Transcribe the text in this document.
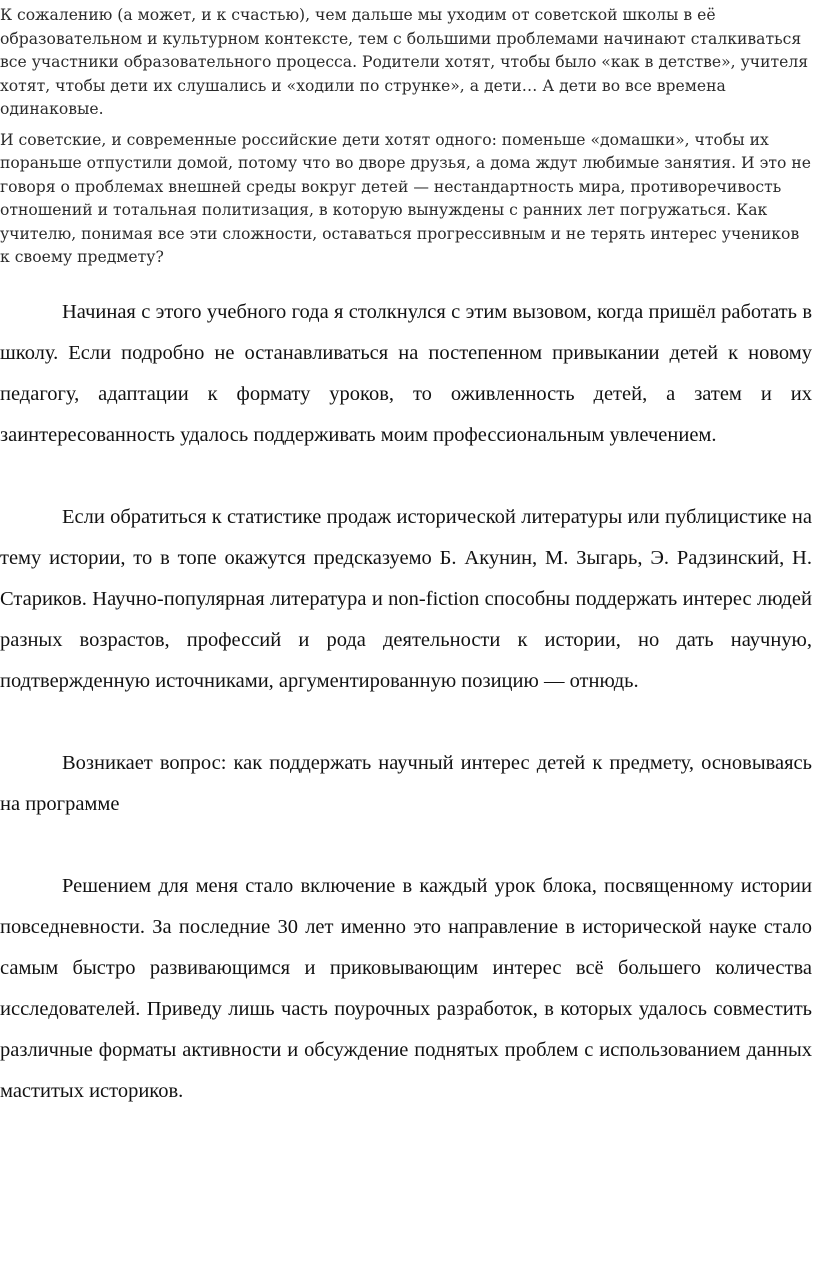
К сожалению (а может, и к счастью), чем дальше мы уходим от советской школы в её образовательном и культурном контексте, тем с большими проблемами начинают сталкиваться все участники образовательного процесса. Родители хотят, чтобы было «как в детстве», учителя хотят, чтобы дети их слушались и «ходили по струнке», а дети… А дети во все времена одинаковые.

И советские, и современные российские дети хотят одного: поменьше «домашки», чтобы их пораньше отпустили домой, потому что во дворе друзья, а дома ждут любимые занятия. И это не говоря о проблемах внешней среды вокруг детей — нестандартность мира, противоречивость отношений и тотальная политизация, в которую вынуждены с ранних лет погружаться. Как учителю, понимая все эти сложности, оставаться прогрессивным и не терять интерес учеников к своему предмету?

Начиная с этого учебного года я столкнулся с этим вызовом, когда пришёл работать в школу. Если подробно не останавливаться на постепенном привыкании детей к новому педагогу, адаптации к формату уроков, то оживленность детей, а затем и их заинтересованность удалось поддерживать моим профессиональным увлечением.

Если обратиться к статистике продаж исторической литературы или публицистике на тему истории, то в топе окажутся предсказуемо Б. Акунин, М. Зыгарь, Э. Радзинский, Н. Стариков. Научно-популярная литература и non-fiction способны поддержать интерес людей разных возрастов, профессий и рода деятельности к истории, но дать научную, подтвержденную источниками, аргументированную позицию — отнюдь.

Возникает вопрос: как поддержать научный интерес детей к предмету, основываясь на программе

Решением для меня стало включение в каждый урок блока, посвященному истории повседневности. За последние 30 лет именно это направление в исторической науке стало самым быстро развивающимся и приковывающим интерес всё большего количества исследователей. Приведу лишь часть поурочных разработок, в которых удалось совместить различные форматы активности и обсуждение поднятых проблем с использованием данных маститых историков.
